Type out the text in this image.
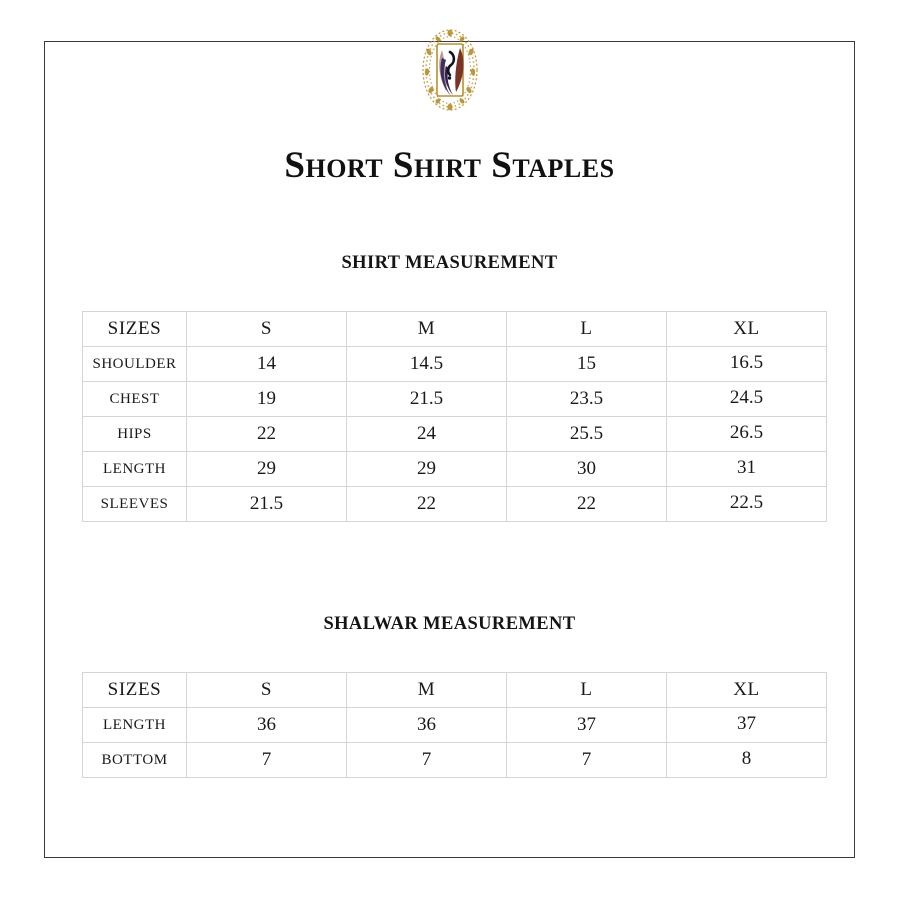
Short Shirt Staples
SHIRT MEASUREMENT
SIZES	S	M	L	XL
SHOULDER	14	14.5	15	16.5
CHEST	19	21.5	23.5	24.5
HIPS	22	24	25.5	26.5
LENGTH	29	29	30	31
SLEEVES	21.5	22	22	22.5
SHALWAR MEASUREMENT
SIZES	S	M	L	XL
LENGTH	36	36	37	37
BOTTOM	7	7	7	8
